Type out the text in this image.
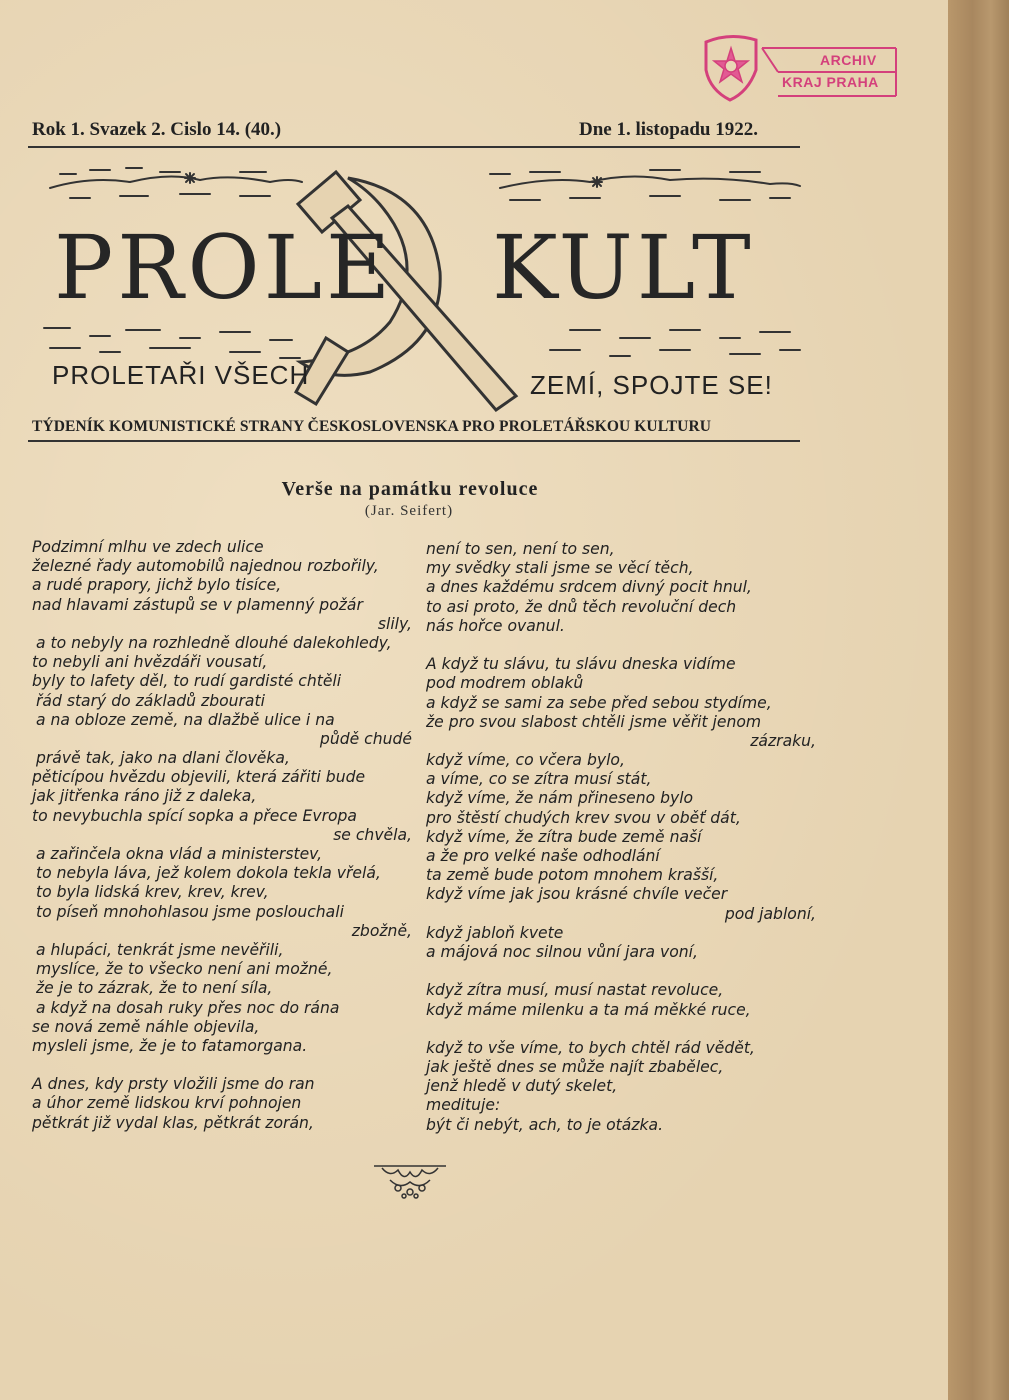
ARCHIV
KRAJ PRAHA
Rok 1. Svazek 2. Cislo 14. (40.)	Dne 1. listopadu 1922.
PROLE KULT
PROLETAŘI VŠECH	ZEMÍ, SPOJTE SE!
TÝDENÍK KOMUNISTICKÉ STRANY ČESKOSLOVENSKA PRO PROLETÁŘSKOU KULTURU
Verše na památku revoluce
(Jar. Seifert)
Podzimní mlhu ve zdech ulice
železné řady automobilů najednou rozbořily,
a rudé prapory, jichž bylo tisíce,
nad hlavami zástupů se v plamenný požár
slily,
a to nebyly na rozhledně dlouhé dalekohledy,
to nebyli ani hvězdáři vousatí,
byly to lafety děl, to rudí gardisté chtěli
řád starý do základů zbourati
a na obloze země, na dlažbě ulice i na
půdě chudé
právě tak, jako na dlani člověka,
pěticípou hvězdu objevili, která zářiti bude
jak jitřenka ráno již z daleka,
to nevybuchla spící sopka a přece Evropa
se chvěla,
a zařinčela okna vlád a ministerstev,
to nebyla láva, jež kolem dokola tekla vřelá,
to byla lidská krev, krev, krev,
to píseň mnohohlasou jsme poslouchali
zbožně,
a hlupáci, tenkrát jsme nevěřili,
myslíce, že to všecko není ani možné,
že je to zázrak, že to není síla,
a když na dosah ruky přes noc do rána
se nová země náhle objevila,
mysleli jsme, že je to fatamorgana.
A dnes, kdy prsty vložili jsme do ran
a úhor země lidskou krví pohnojen
pětkrát již vydal klas, pětkrát zorán,
není to sen, není to sen,
my svědky stali jsme se věcí těch,
a dnes každému srdcem divný pocit hnul,
to asi proto, že dnů těch revoluční dech
nás hořce ovanul.
A když tu slávu, tu slávu dneska vidíme
pod modrem oblaků
a když se sami za sebe před sebou stydíme,
že pro svou slabost chtěli jsme věřit jenom
zázraku,
když víme, co včera bylo,
a víme, co se zítra musí stát,
když víme, že nám přineseno bylo
pro štěstí chudých krev svou v oběť dát,
když víme, že zítra bude země naší
a že pro velké naše odhodlání
ta země bude potom mnohem krašší,
když víme jak jsou krásné chvíle večer
pod jabloní,
když jabloň kvete
a májová noc silnou vůní jara voní,
když zítra musí, musí nastat revoluce,
když máme milenku a ta má měkké ruce,
když to vše víme, to bych chtěl rád vědět,
jak ještě dnes se může najít zbabělec,
jenž hledě v dutý skelet,
medituje:
být či nebýt, ach, to je otázka.
